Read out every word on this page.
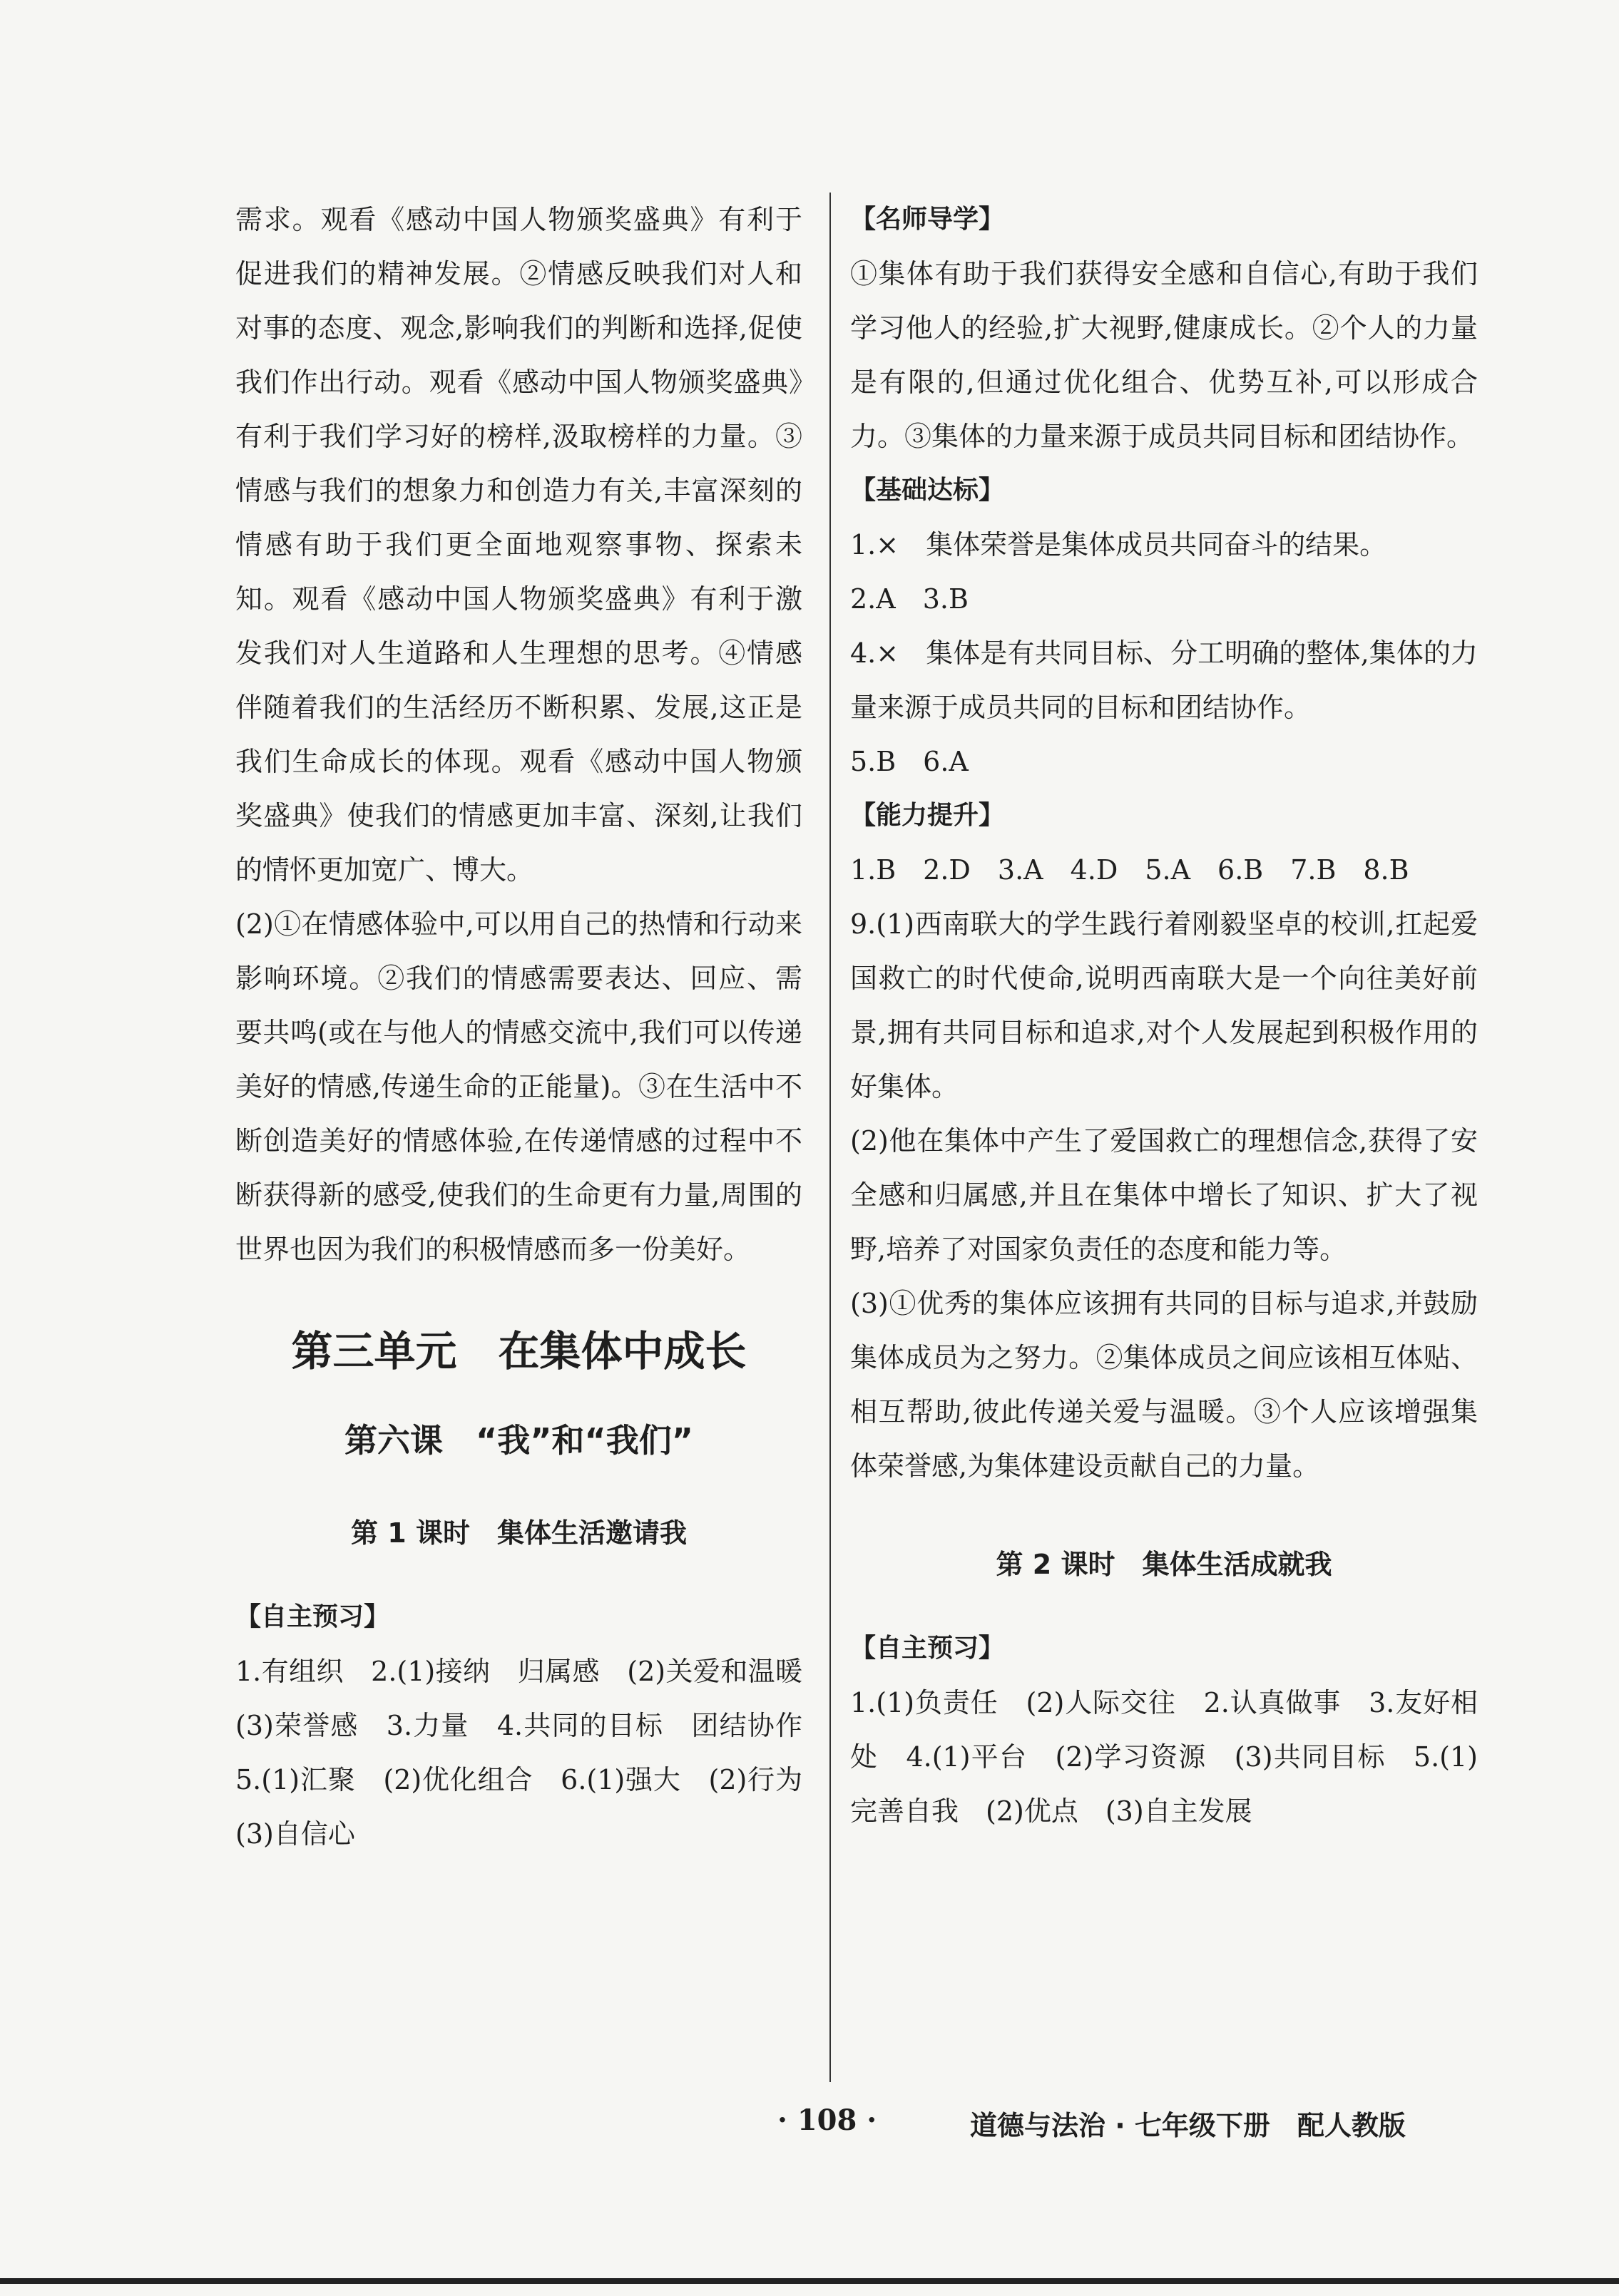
需求。观看《感动中国人物颁奖盛典》有利于促进我们的精神发展。②情感反映我们对人和对事的态度、观念,影响我们的判断和选择,促使我们作出行动。观看《感动中国人物颁奖盛典》有利于我们学习好的榜样,汲取榜样的力量。③情感与我们的想象力和创造力有关,丰富深刻的情感有助于我们更全面地观察事物、探索未知。观看《感动中国人物颁奖盛典》有利于激发我们对人生道路和人生理想的思考。④情感伴随着我们的生活经历不断积累、发展,这正是我们生命成长的体现。观看《感动中国人物颁奖盛典》使我们的情感更加丰富、深刻,让我们的情怀更加宽广、博大。

(2)①在情感体验中,可以用自己的热情和行动来影响环境。②我们的情感需要表达、回应、需要共鸣(或在与他人的情感交流中,我们可以传递美好的情感,传递生命的正能量)。③在生活中不断创造美好的情感体验,在传递情感的过程中不断获得新的感受,使我们的生命更有力量,周围的世界也因为我们的积极情感而多一份美好。

第三单元　在集体中成长
第六课　“我”和“我们”
第 1 课时　集体生活邀请我
【自主预习】

1.有组织　2.(1)接纳　归属感　(2)关爱和温暖　(3)荣誉感　3.力量　4.共同的目标　团结协作　5.(1)汇聚　(2)优化组合　6.(1)强大　(2)行为　(3)自信心

【名师导学】

①集体有助于我们获得安全感和自信心,有助于我们学习他人的经验,扩大视野,健康成长。②个人的力量是有限的,但通过优化组合、优势互补,可以形成合力。③集体的力量来源于成员共同目标和团结协作。

【基础达标】

1.×　集体荣誉是集体成员共同奋斗的结果。

2.A　3.B

4.×　集体是有共同目标、分工明确的整体,集体的力量来源于成员共同的目标和团结协作。

5.B　6.A

【能力提升】

1.B　2.D　3.A　4.D　5.A　6.B　7.B　8.B

9.(1)西南联大的学生践行着刚毅坚卓的校训,扛起爱国救亡的时代使命,说明西南联大是一个向往美好前景,拥有共同目标和追求,对个人发展起到积极作用的好集体。

(2)他在集体中产生了爱国救亡的理想信念,获得了安全感和归属感,并且在集体中增长了知识、扩大了视野,培养了对国家负责任的态度和能力等。

(3)①优秀的集体应该拥有共同的目标与追求,并鼓励集体成员为之努力。②集体成员之间应该相互体贴、相互帮助,彼此传递关爱与温暖。③个人应该增强集体荣誉感,为集体建设贡献自己的力量。

第 2 课时　集体生活成就我
【自主预习】

1.(1)负责任　(2)人际交往　2.认真做事　3.友好相处　4.(1)平台　(2)学习资源　(3)共同目标　5.(1)完善自我　(2)优点　(3)自主发展

· 108 ·	道德与法治 · 七年级下册　配人教版
